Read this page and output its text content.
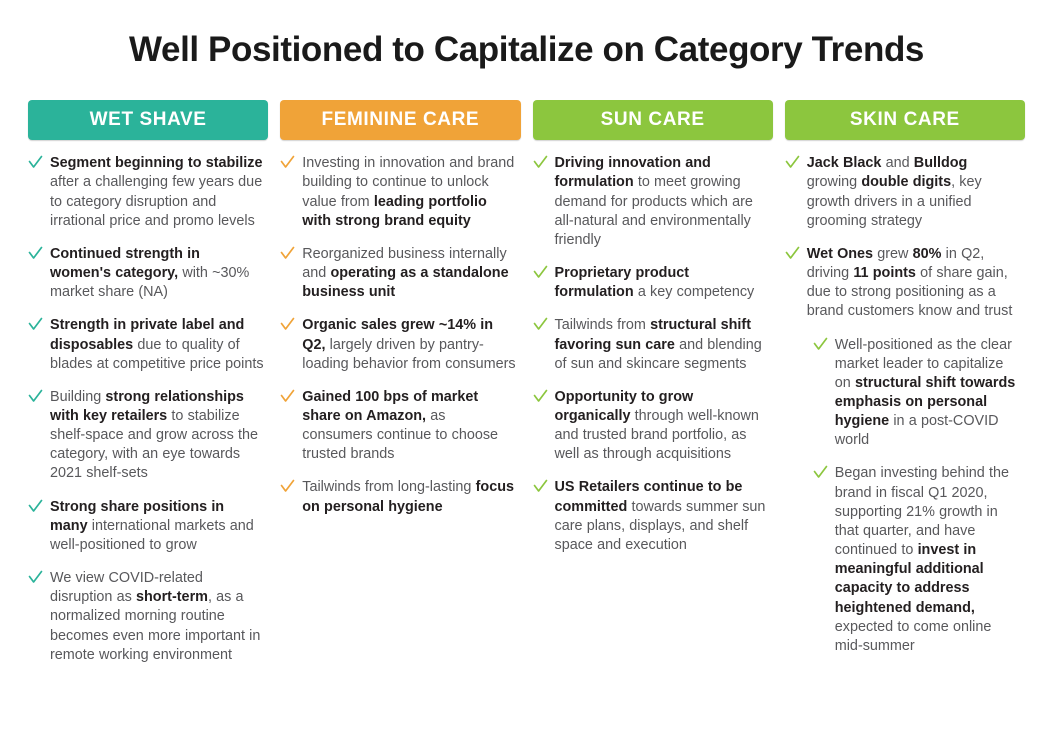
Well Positioned to Capitalize on Category Trends
WET SHAVE
Segment beginning to stabilize after a challenging few years due to category disruption and irrational price and promo levels
Continued strength in women's category, with ~30% market share (NA)
Strength in private label and disposables due to quality of blades at competitive price points
Building strong relationships with key retailers to stabilize shelf-space and grow across the category, with an eye towards 2021 shelf-sets
Strong share positions in many international markets and well-positioned to grow
We view COVID-related disruption as short-term, as a normalized morning routine becomes even more important in remote working environment
FEMININE CARE
Investing in innovation and brand building to continue to unlock value from leading portfolio with strong brand equity
Reorganized business internally and operating as a standalone business unit
Organic sales grew ~14% in Q2, largely driven by pantry-loading behavior from consumers
Gained 100 bps of market share on Amazon, as consumers continue to choose trusted brands
Tailwinds from long-lasting focus on personal hygiene
SUN CARE
Driving innovation and formulation to meet growing demand for products which are all-natural and environmentally friendly
Proprietary product formulation a key competency
Tailwinds from structural shift favoring sun care and blending of sun and skincare segments
Opportunity to grow organically through well-known and trusted brand portfolio, as well as through acquisitions
US Retailers continue to be committed towards summer sun care plans, displays, and shelf space and execution
SKIN CARE
Jack Black and Bulldog growing double digits, key growth drivers in a unified grooming strategy
Wet Ones grew 80% in Q2, driving 11 points of share gain, due to strong positioning as a brand customers know and trust
Well-positioned as the clear market leader to capitalize on structural shift towards emphasis on personal hygiene in a post-COVID world
Began investing behind the brand in fiscal Q1 2020, supporting 21% growth in that quarter, and have continued to invest in meaningful additional capacity to address heightened demand, expected to come online mid-summer
